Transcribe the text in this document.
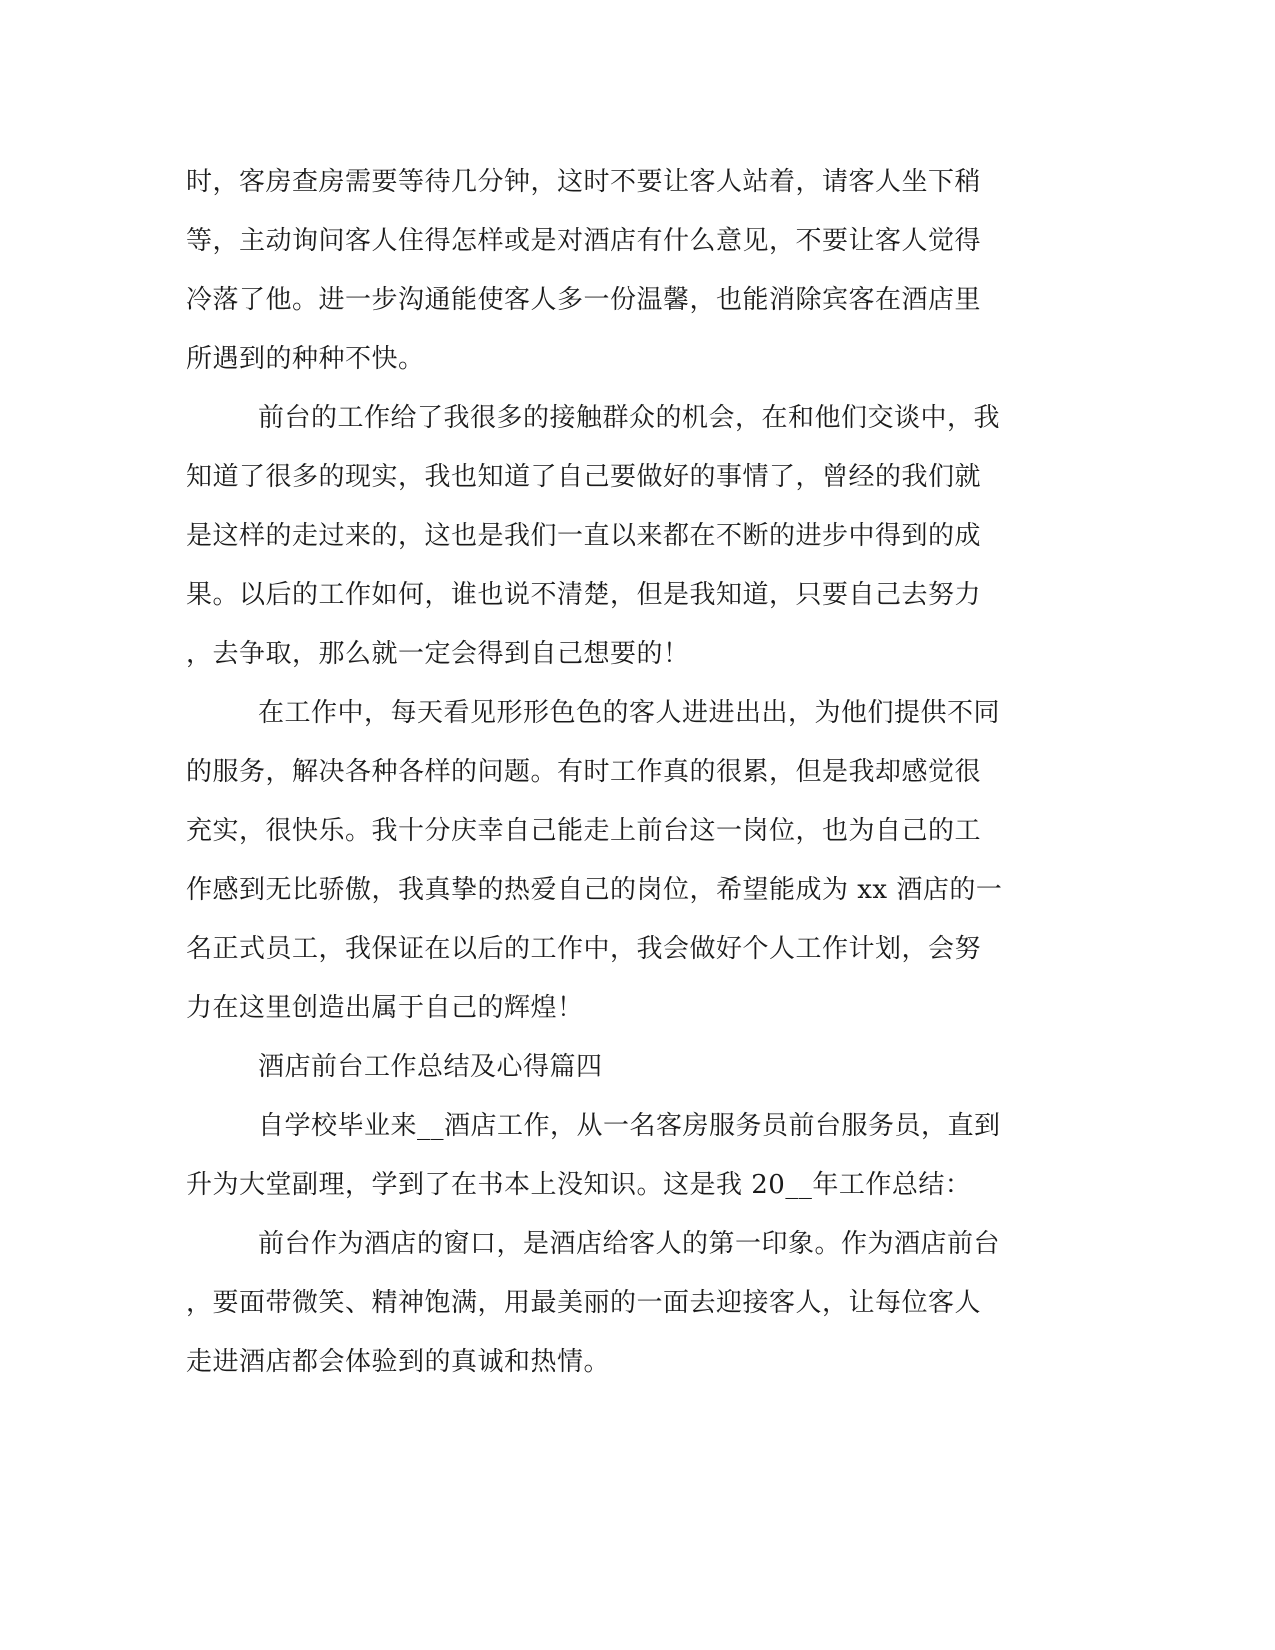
时，客房查房需要等待几分钟，这时不要让客人站着，请客人坐下稍

等，主动询问客人住得怎样或是对酒店有什么意见，不要让客人觉得

冷落了他。进一步沟通能使客人多一份温馨，也能消除宾客在酒店里

所遇到的种种不快。

前台的工作给了我很多的接触群众的机会，在和他们交谈中，我

知道了很多的现实，我也知道了自己要做好的事情了，曾经的我们就

是这样的走过来的，这也是我们一直以来都在不断的进步中得到的成

果。以后的工作如何，谁也说不清楚，但是我知道，只要自己去努力

，去争取，那么就一定会得到自己想要的！

在工作中，每天看见形形色色的客人进进出出，为他们提供不同

的服务，解决各种各样的问题。有时工作真的很累，但是我却感觉很

充实，很快乐。我十分庆幸自己能走上前台这一岗位，也为自己的工

作感到无比骄傲，我真挚的热爱自己的岗位，希望能成为 xx 酒店的一

名正式员工，我保证在以后的工作中，我会做好个人工作计划，会努

力在这里创造出属于自己的辉煌！

酒店前台工作总结及心得篇四

自学校毕业来__酒店工作，从一名客房服务员前台服务员，直到

升为大堂副理，学到了在书本上没知识。这是我 20__年工作总结：

前台作为酒店的窗口，是酒店给客人的第一印象。作为酒店前台

，要面带微笑、精神饱满，用最美丽的一面去迎接客人，让每位客人

走进酒店都会体验到的真诚和热情。
